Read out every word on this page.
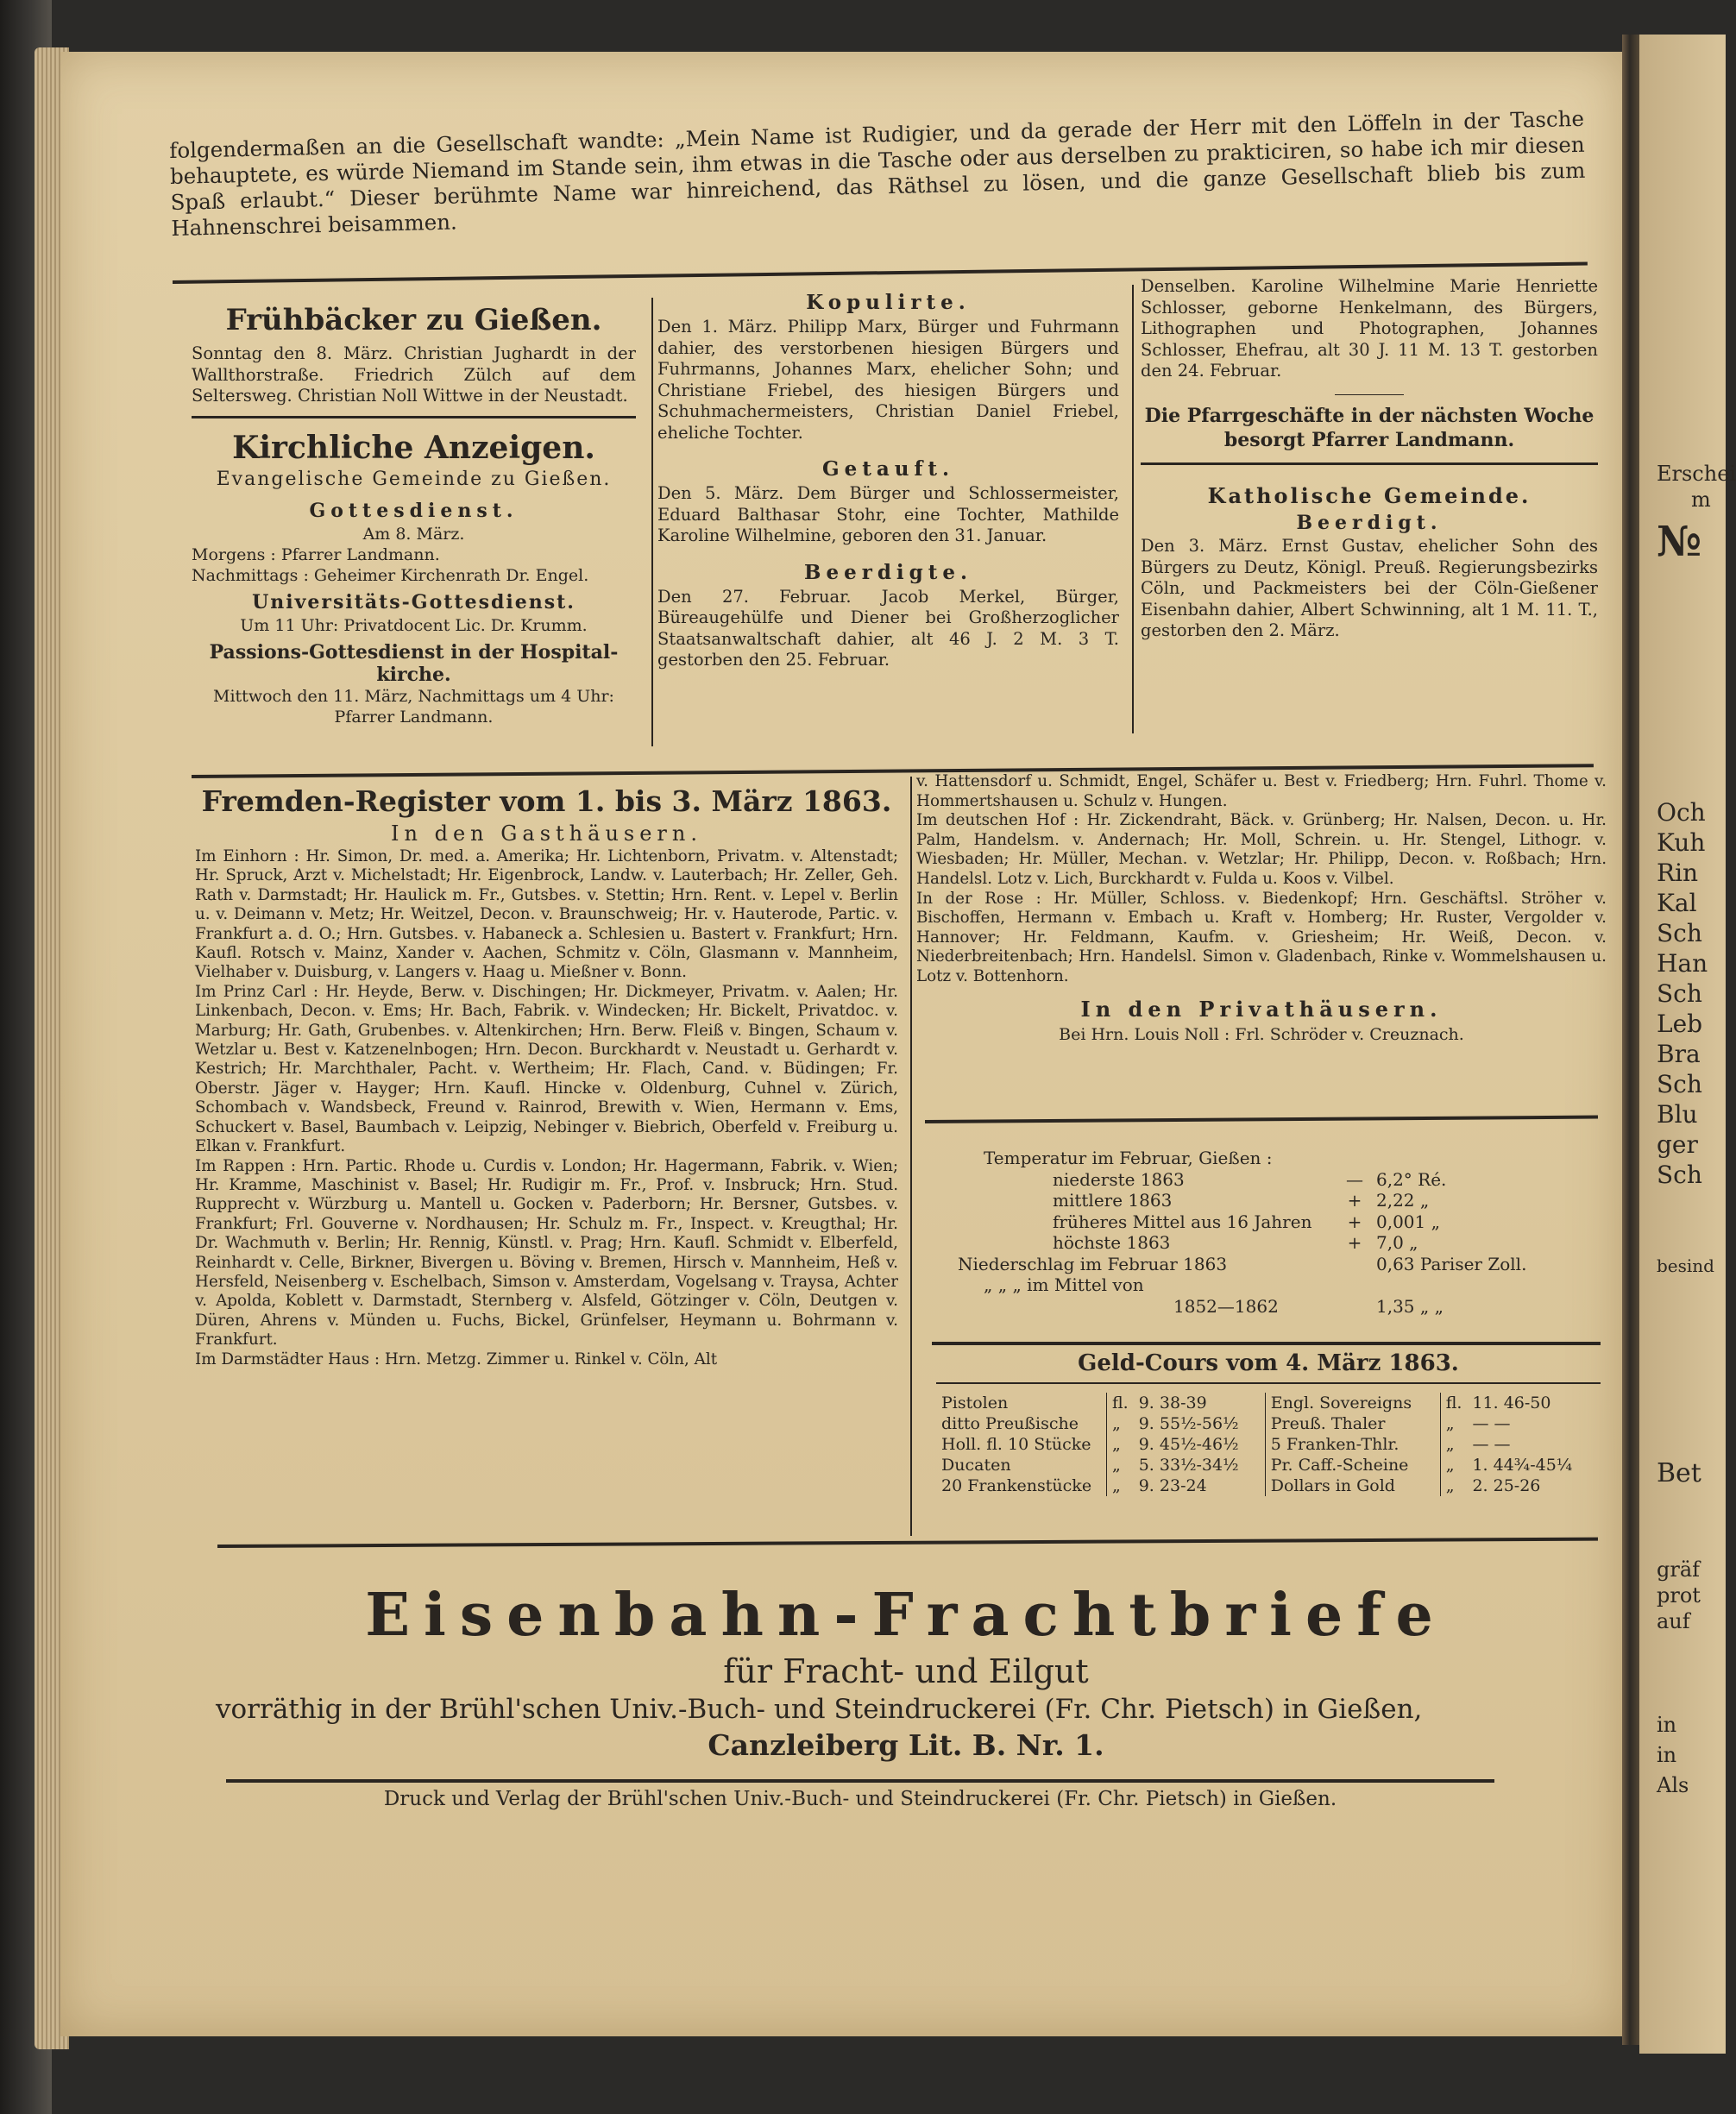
Erschei
m
№
Och
Kuh
Rin
Kal
Sch
Han
Sch
Leb
Bra
Sch
Blu
ger
Sch
besind
Bet
gräf
prot
auf
in
in
Als
folgendermaßen an die Gesellschaft wandte: „Mein Name ist Rudigier, und da gerade der Herr mit den Löffeln in der Tasche behauptete, es würde Niemand im Stande sein, ihm etwas in die Tasche oder aus derselben zu prakticiren, so habe ich mir diesen Spaß erlaubt.“ Dieser berühmte Name war hinreichend, das Räthsel zu lösen, und die ganze Gesellschaft blieb bis zum Hahnenschrei beisammen.
Frühbäcker zu Gießen.
Sonntag den 8. März. Christian Jughardt in der Wallthorstraße. Friedrich Zülch auf dem Seltersweg. Christian Noll Wittwe in der Neustadt.
Kirchliche Anzeigen.
Evangelische Gemeinde zu Gießen.
Gottesdienst.
Am 8. März.
Morgens : Pfarrer Landmann.
Nachmittags : Geheimer Kirchenrath Dr. Engel.
Universitäts-Gottesdienst.
Um 11 Uhr: Privatdocent Lic. Dr. Krumm.
Passions-Gottesdienst in der Hospital-kirche.
Mittwoch den 11. März, Nachmittags um 4 Uhr:
Pfarrer Landmann.
Kopulirte.
Den 1. März. Philipp Marx, Bürger und Fuhrmann dahier, des verstorbenen hiesigen Bürgers und Fuhrmanns, Johannes Marx, ehelicher Sohn; und Christiane Friebel, des hiesigen Bürgers und Schuhmachermeisters, Christian Daniel Friebel, eheliche Tochter.
Getauft.
Den 5. März. Dem Bürger und Schlossermeister, Eduard Balthasar Stohr, eine Tochter, Mathilde Karoline Wilhelmine, geboren den 31. Januar.
Beerdigte.
Den 27. Februar. Jacob Merkel, Bürger, Büreaugehülfe und Diener bei Großherzoglicher Staatsanwaltschaft dahier, alt 46 J. 2 M. 3 T. gestorben den 25. Februar.
Denselben. Karoline Wilhelmine Marie Henriette Schlosser, geborne Henkelmann, des Bürgers, Lithographen und Photographen, Johannes Schlosser, Ehefrau, alt 30 J. 11 M. 13 T. gestorben den 24. Februar.
Die Pfarrgeschäfte in der nächsten Woche besorgt Pfarrer Landmann.
Katholische Gemeinde.
Beerdigt.
Den 3. März. Ernst Gustav, ehelicher Sohn des Bürgers zu Deutz, Königl. Preuß. Regierungsbezirks Cöln, und Packmeisters bei der Cöln-Gießener Eisenbahn dahier, Albert Schwinning, alt 1 M. 11. T., gestorben den 2. März.
Fremden-Register vom 1. bis 3. März 1863.
In den Gasthäusern.
Im Einhorn : Hr. Simon, Dr. med. a. Amerika; Hr. Lichtenborn, Privatm. v. Altenstadt; Hr. Spruck, Arzt v. Michelstadt; Hr. Eigenbrock, Landw. v. Lauterbach; Hr. Zeller, Geh. Rath v. Darmstadt; Hr. Haulick m. Fr., Gutsbes. v. Stettin; Hrn. Rent. v. Lepel v. Berlin u. v. Deimann v. Metz; Hr. Weitzel, Decon. v. Braunschweig; Hr. v. Hauterode, Partic. v. Frankfurt a. d. O.; Hrn. Gutsbes. v. Habaneck a. Schlesien u. Bastert v. Frankfurt; Hrn. Kaufl. Rotsch v. Mainz, Xander v. Aachen, Schmitz v. Cöln, Glasmann v. Mannheim, Vielhaber v. Duisburg, v. Langers v. Haag u. Mießner v. Bonn.
Im Prinz Carl : Hr. Heyde, Berw. v. Dischingen; Hr. Dickmeyer, Privatm. v. Aalen; Hr. Linkenbach, Decon. v. Ems; Hr. Bach, Fabrik. v. Windecken; Hr. Bickelt, Privatdoc. v. Marburg; Hr. Gath, Grubenbes. v. Altenkirchen; Hrn. Berw. Fleiß v. Bingen, Schaum v. Wetzlar u. Best v. Katzenelnbogen; Hrn. Decon. Burckhardt v. Neustadt u. Gerhardt v. Kestrich; Hr. Marchthaler, Pacht. v. Wertheim; Hr. Flach, Cand. v. Büdingen; Fr. Oberstr. Jäger v. Hayger; Hrn. Kaufl. Hincke v. Oldenburg, Cuhnel v. Zürich, Schombach v. Wandsbeck, Freund v. Rainrod, Brewith v. Wien, Hermann v. Ems, Schuckert v. Basel, Baumbach v. Leipzig, Nebinger v. Biebrich, Oberfeld v. Freiburg u. Elkan v. Frankfurt.
Im Rappen : Hrn. Partic. Rhode u. Curdis v. London; Hr. Hagermann, Fabrik. v. Wien; Hr. Kramme, Maschinist v. Basel; Hr. Rudigir m. Fr., Prof. v. Insbruck; Hrn. Stud. Rupprecht v. Würzburg u. Mantell u. Gocken v. Paderborn; Hr. Bersner, Gutsbes. v. Frankfurt; Frl. Gouverne v. Nordhausen; Hr. Schulz m. Fr., Inspect. v. Kreugthal; Hr. Dr. Wachmuth v. Berlin; Hr. Rennig, Künstl. v. Prag; Hrn. Kaufl. Schmidt v. Elberfeld, Reinhardt v. Celle, Birkner, Bivergen u. Böving v. Bremen, Hirsch v. Mannheim, Heß v. Hersfeld, Neisenberg v. Eschelbach, Simson v. Amsterdam, Vogelsang v. Traysa, Achter v. Apolda, Koblett v. Darmstadt, Sternberg v. Alsfeld, Götzinger v. Cöln, Deutgen v. Düren, Ahrens v. Münden u. Fuchs, Bickel, Grünfelser, Heymann u. Bohrmann v. Frankfurt.
Im Darmstädter Haus : Hrn. Metzg. Zimmer u. Rinkel v. Cöln, Alt
v. Hattensdorf u. Schmidt, Engel, Schäfer u. Best v. Friedberg; Hrn. Fuhrl. Thome v. Hommertshausen u. Schulz v. Hungen.
Im deutschen Hof : Hr. Zickendraht, Bäck. v. Grünberg; Hr. Nalsen, Decon. u. Hr. Palm, Handelsm. v. Andernach; Hr. Moll, Schrein. u. Hr. Stengel, Lithogr. v. Wiesbaden; Hr. Müller, Mechan. v. Wetzlar; Hr. Philipp, Decon. v. Roßbach; Hrn. Handelsl. Lotz v. Lich, Burckhardt v. Fulda u. Koos v. Vilbel.
In der Rose : Hr. Müller, Schloss. v. Biedenkopf; Hrn. Geschäftsl. Ströher v. Bischoffen, Hermann v. Embach u. Kraft v. Homberg; Hr. Ruster, Vergolder v. Hannover; Hr. Feldmann, Kaufm. v. Griesheim; Hr. Weiß, Decon. v. Niederbreitenbach; Hrn. Handelsl. Simon v. Gladenbach, Rinke v. Wommelshausen u. Lotz v. Bottenhorn.
In den Privathäusern.
Bei Hrn. Louis Noll : Frl. Schröder v. Creuznach.
Temperatur im Februar, Gießen :
niederste 1863	— 6,2° Ré.
mittlere 1863	+ 2,22 „
früheres Mittel aus 16 Jahren	+ 0,001 „
höchste 1863	+ 7,0 „
Niederschlag im Februar 1863	0,63 Pariser Zoll.
„ „ „ im Mittel von
1852—1862	1,35 „ „
Geld-Cours vom 4. März 1863.
Pistolen	fl.	9. 38-39	Engl. Sovereigns	fl.	11. 46-50
ditto Preußische	„	9. 55½-56½	Preuß. Thaler	„	— —
Holl. fl. 10 Stücke	„	9. 45½-46½	5 Franken-Thlr.	„	— —
Ducaten	„	5. 33½-34½	Pr. Caff.-Scheine	„	1. 44¾-45¼
20 Frankenstücke	„	9. 23-24	Dollars in Gold	„	2. 25-26
Eisenbahn-Frachtbriefe
für Fracht- und Eilgut
vorräthig in der Brühl'schen Univ.-Buch- und Steindruckerei (Fr. Chr. Pietsch) in Gießen,
Canzleiberg Lit. B. Nr. 1.
Druck und Verlag der Brühl'schen Univ.-Buch- und Steindruckerei (Fr. Chr. Pietsch) in Gießen.
